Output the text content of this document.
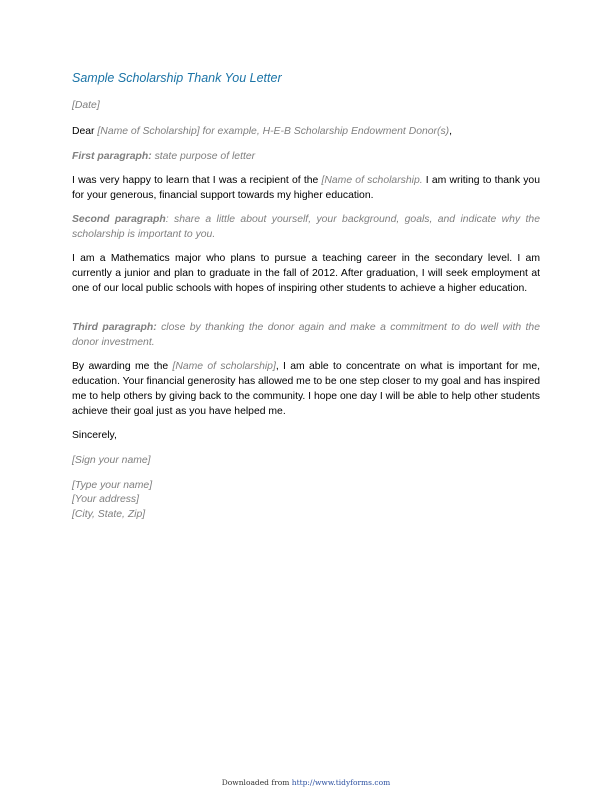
Sample Scholarship Thank You Letter

[Date]

Dear [Name of Scholarship] for example, H-E-B Scholarship Endowment Donor(s),

First paragraph: state purpose of letter

I was very happy to learn that I was a recipient of the [Name of scholarship. I am writing to thank you for your generous, financial support towards my higher education.

Second paragraph: share a little about yourself, your background, goals, and indicate why the scholarship is important to you.

I am a Mathematics major who plans to pursue a teaching career in the secondary level. I am currently a junior and plan to graduate in the fall of 2012. After graduation, I will seek employment at one of our local public schools with hopes of inspiring other students to achieve a higher education.

Third paragraph: close by thanking the donor again and make a commitment to do well with the donor investment.

By awarding me the [Name of scholarship], I am able to concentrate on what is important for me, education. Your financial generosity has allowed me to be one step closer to my goal and has inspired me to help others by giving back to the community. I hope one day I will be able to help other students achieve their goal just as you have helped me.

Sincerely,

[Sign your name]

[Type your name]

[Your address]

[City, State, Zip]

Downloaded from http://www.tidyforms.com
